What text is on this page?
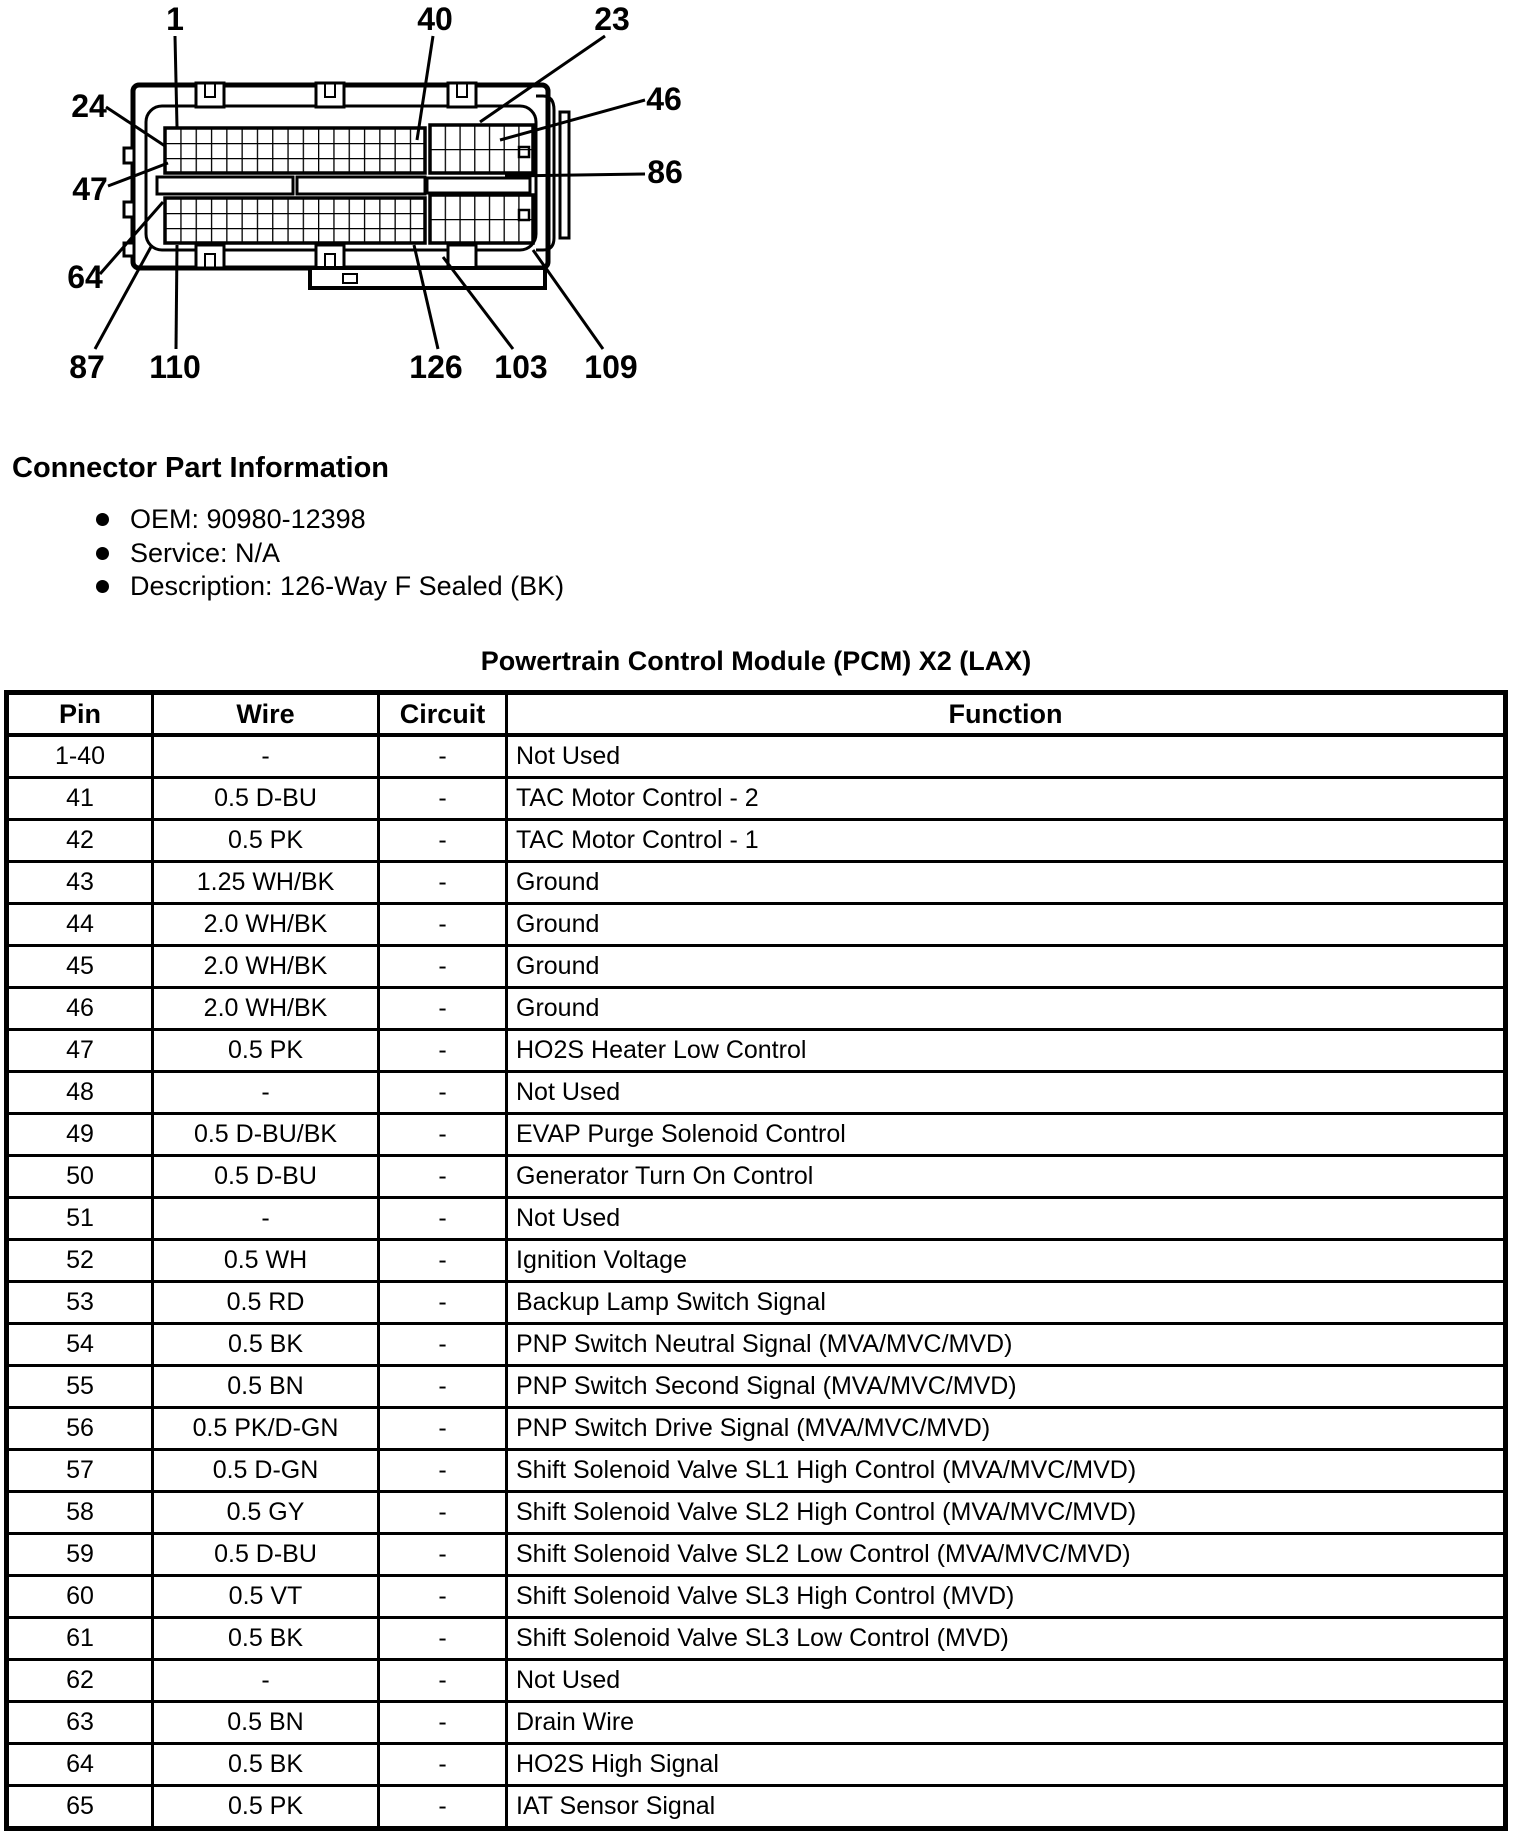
1	40	23
24	46
47	86
64
87 110	126 103 109
Connector Part Information
OEM: 90980-12398
Service: N/A
Description: 126-Way F Sealed (BK)
Powertrain Control Module (PCM) X2 (LAX)
Pin	Wire	Circuit	Function
1-40	-	-	Not Used
41	0.5 D-BU	-	TAC Motor Control - 2
42	0.5 PK	-	TAC Motor Control - 1
43	1.25 WH/BK	-	Ground
44	2.0 WH/BK	-	Ground
45	2.0 WH/BK	-	Ground
46	2.0 WH/BK	-	Ground
47	0.5 PK	-	HO2S Heater Low Control
48	-	-	Not Used
49	0.5 D-BU/BK	-	EVAP Purge Solenoid Control
50	0.5 D-BU	-	Generator Turn On Control
51	-	-	Not Used
52	0.5 WH	-	Ignition Voltage
53	0.5 RD	-	Backup Lamp Switch Signal
54	0.5 BK	-	PNP Switch Neutral Signal (MVA/MVC/MVD)
55	0.5 BN	-	PNP Switch Second Signal (MVA/MVC/MVD)
56	0.5 PK/D-GN	-	PNP Switch Drive Signal (MVA/MVC/MVD)
57	0.5 D-GN	-	Shift Solenoid Valve SL1 High Control (MVA/MVC/MVD)
58	0.5 GY	-	Shift Solenoid Valve SL2 High Control (MVA/MVC/MVD)
59	0.5 D-BU	-	Shift Solenoid Valve SL2 Low Control (MVA/MVC/MVD)
60	0.5 VT	-	Shift Solenoid Valve SL3 High Control (MVD)
61	0.5 BK	-	Shift Solenoid Valve SL3 Low Control (MVD)
62	-	-	Not Used
63	0.5 BN	-	Drain Wire
64	0.5 BK	-	HO2S High Signal
65	0.5 PK	-	IAT Sensor Signal
